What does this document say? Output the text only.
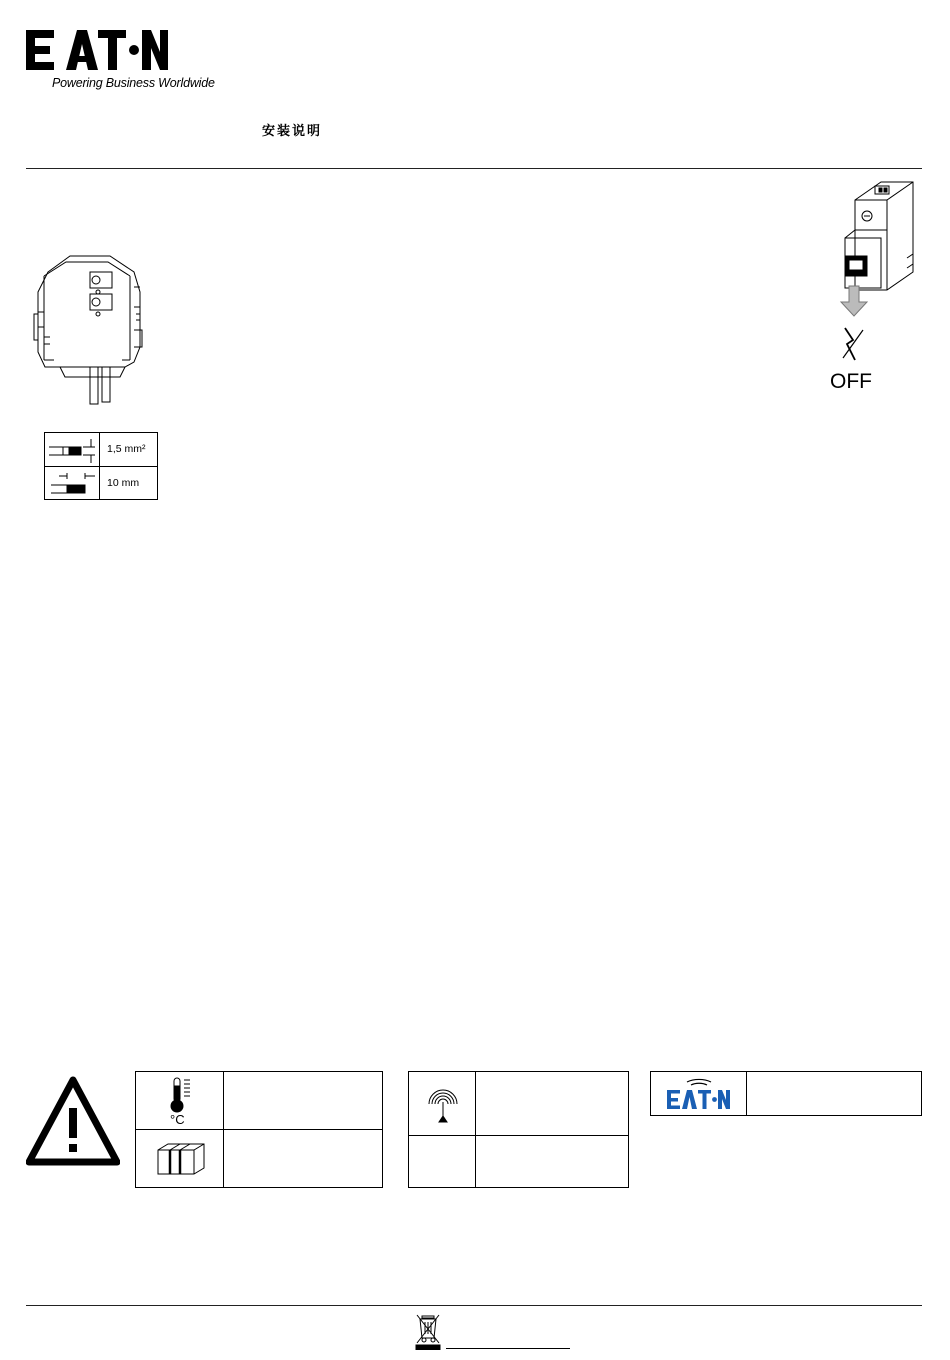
Powering Business Worldwide
安装说明
1,5 mm²
10 mm
OFF
°C
